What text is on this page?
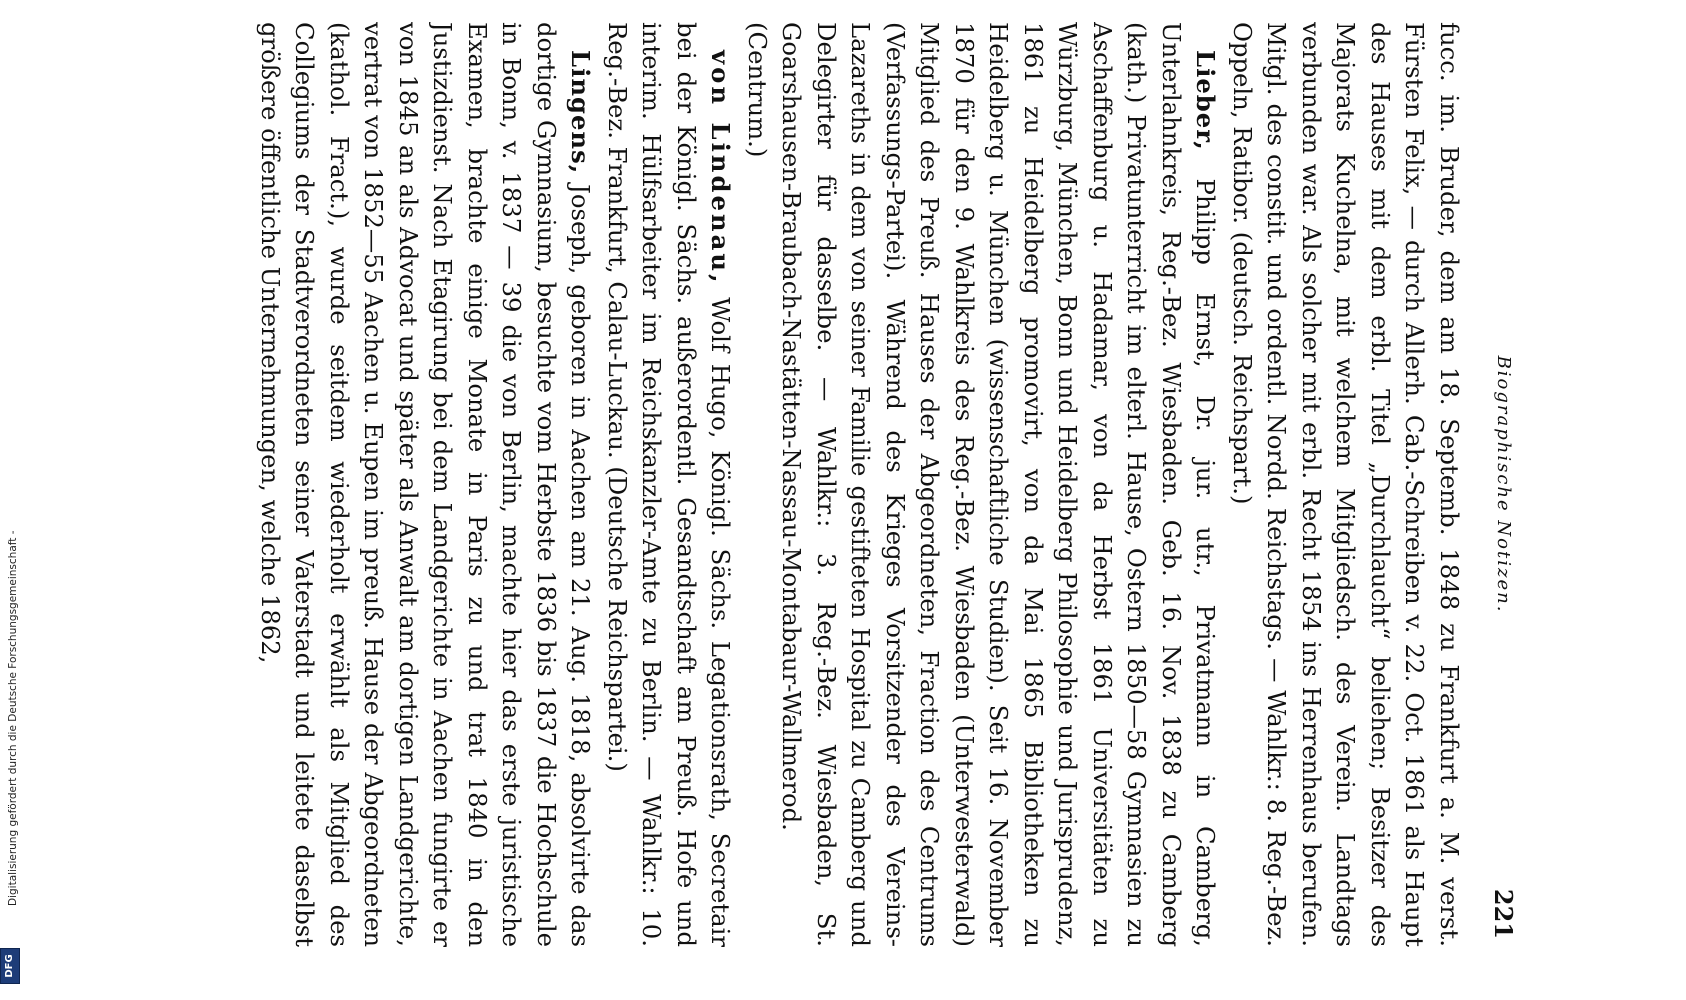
Biographische Notizen.
221

fucc. im. Bruder, dem am 18. Septemb. 1848 zu Frankfurt a. M. verst. Fürsten Felix, — durch Allerh. Cab.-Schreiben v. 22. Oct. 1861 als Haupt des Hauses mit dem erbl. Titel „Durchlaucht“ beliehen; Besitzer des Majorats Kuchelna, mit welchem Mitgliedsch. des Verein. Landtags verbunden war. Als solcher mit erbl. Recht 1854 ins Herrenhaus berufen. Mitgl. des constit. und ordentl. Nordd. Reichstags. — Wahlkr.: 8. Reg.-Bez. Oppeln, Ratibor. (deutsch. Reichspart.)

Lieber, Philipp Ernst, Dr. jur. utr., Privatmann in Camberg, Unterlahnkreis, Reg.-Bez. Wiesbaden. Geb. 16. Nov. 1838 zu Camberg (kath.) Privatunterricht im elterl. Hause, Ostern 1850—58 Gymnasien zu Aschaffenburg u. Hadamar, von da Herbst 1861 Universitäten zu Würzburg, München, Bonn und Heidelberg Philosophie und Jurisprudenz, 1861 zu Heidelberg promovirt, von da Mai 1865 Bibliotheken zu Heidelberg u. München (wissenschaftliche Studien). Seit 16. November 1870 für den 9. Wahlkreis des Reg.-Bez. Wiesbaden (Unterwesterwald) Mitglied des Preuß. Hauses der Abgeordneten, Fraction des Centrums (Verfassungs-Partei). Während des Krieges Vorsitzender des Vereins-Lazareths in dem von seiner Familie gestifteten Hospital zu Camberg und Delegirter für dasselbe. — Wahlkr.: 3. Reg.-Bez. Wiesbaden, St. Goarshausen-Braubach-Nastätten-Nassau-Montabaur-Wallmerod. (Centrum.)

von Lindenau, Wolf Hugo, Königl. Sächs. Legationsrath, Secretair bei der Königl. Sächs. außerordentl. Gesandtschaft am Preuß. Hofe und interim. Hülfsarbeiter im Reichskanzler-Amte zu Berlin. — Wahlkr.: 10. Reg.-Bez. Frankfurt, Calau-Luckau. (Deutsche Reichspartei.)

Lingens, Joseph, geboren in Aachen am 21. Aug. 1818, absolvirte das dortige Gymnasium, besuchte vom Herbste 1836 bis 1837 die Hochschule in Bonn, v. 1837 — 39 die von Berlin, machte hier das erste juristische Examen, brachte einige Monate in Paris zu und trat 1840 in den Justizdienst. Nach Etagirung bei dem Landgerichte in Aachen fungirte er von 1845 an als Advocat und später als Anwalt am dortigen Landgerichte, vertrat von 1852—55 Aachen u. Eupen im preuß. Hause der Abgeordneten (kathol. Fract.), wurde seitdem wiederholt erwählt als Mitglied des Collegiums der Stadtverordneten seiner Vaterstadt und leitete daselbst größere öffentliche Unternehmungen, welche 1862,

Digitalisierung gefördert durch die Deutsche Forschungsgemeinschaft -
DFG
